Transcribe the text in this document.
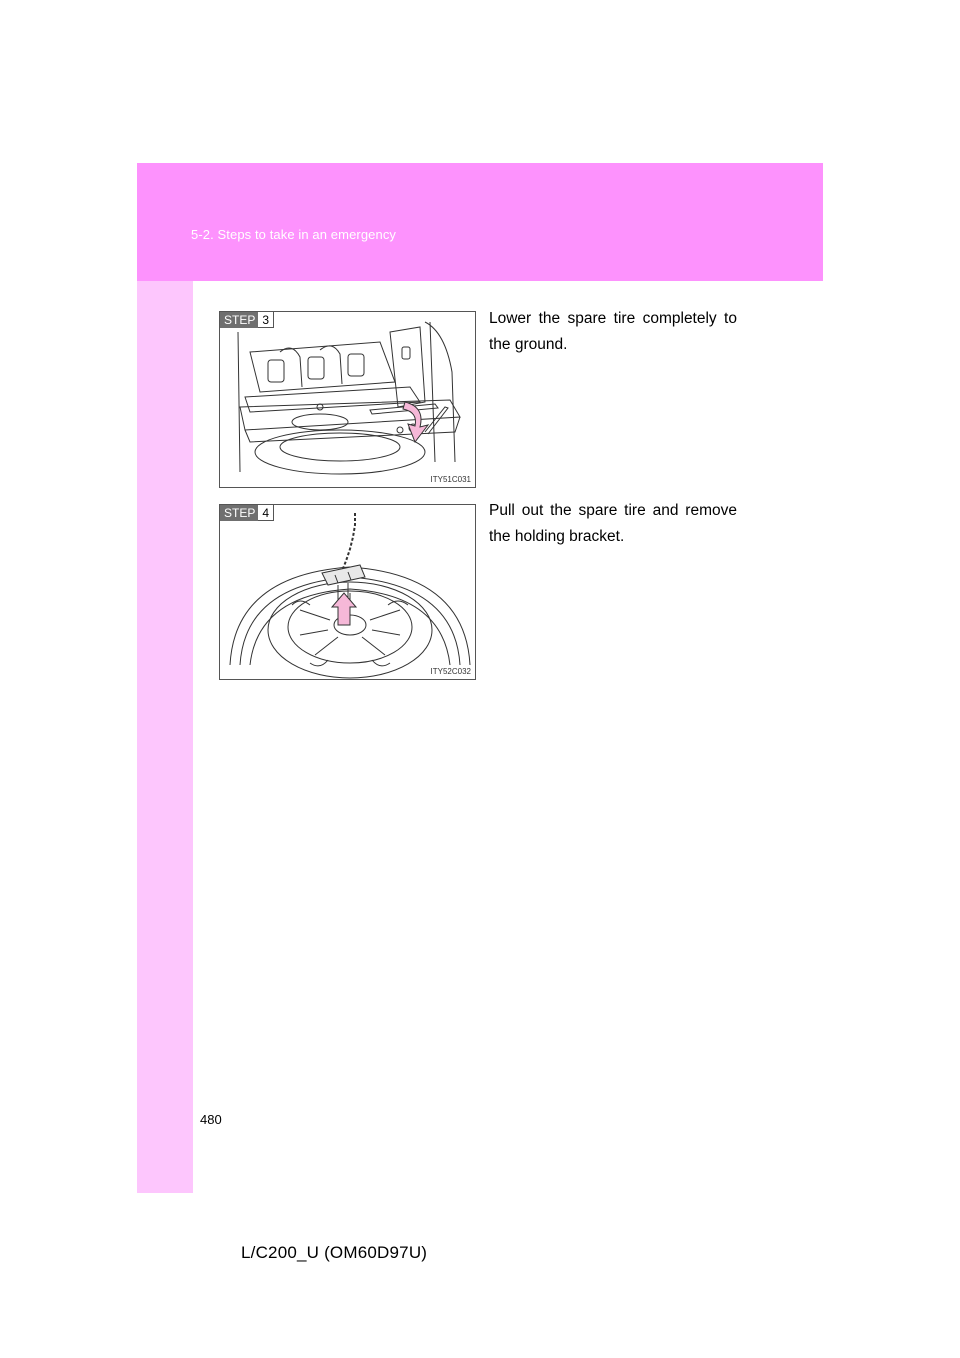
5-2. Steps to take in an emergency
STEP 3
ITY51C031
Lower the spare tire completely to the ground.
STEP 4
ITY52C032
Pull out the spare tire and remove the holding bracket.
480
L/C200_U (OM60D97U)
